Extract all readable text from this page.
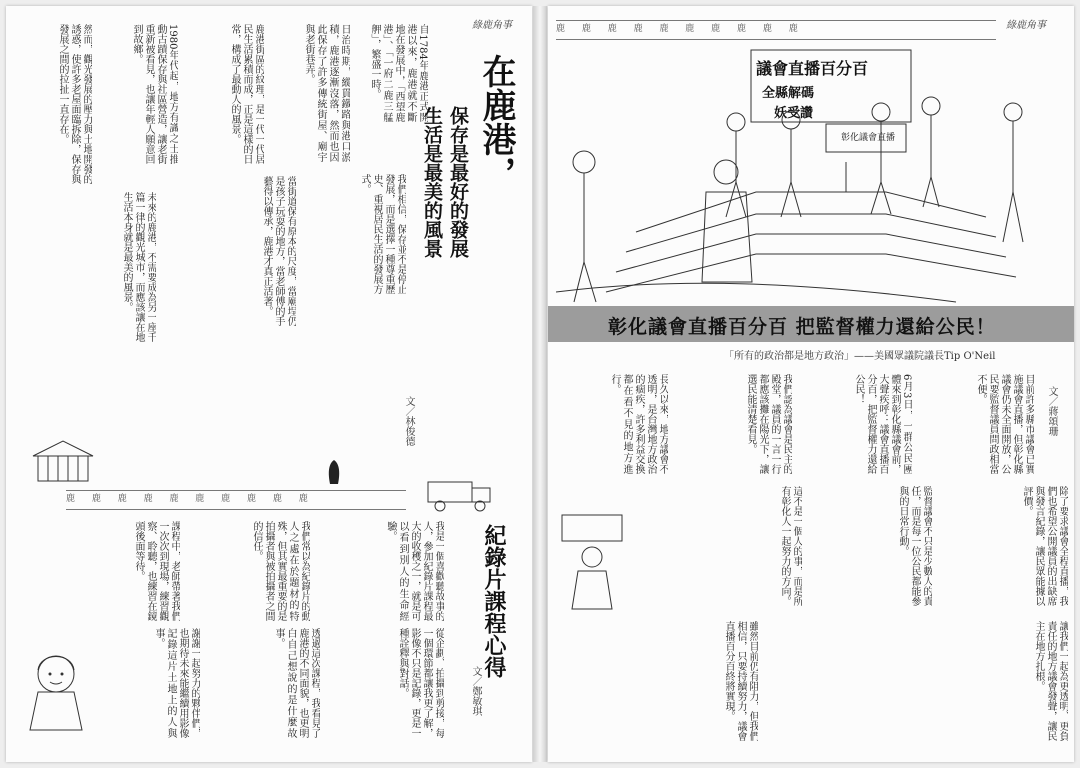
綠鹿角事
在鹿港，
保存是最好的發展
生活是最美的風景
文／林俊德
自1784年鹿港正式開港以來，鹿港就不斷地在發展中，「西望鹿港」、「一府二鹿三艋舺」，繁盛一時。
日治時期，縱貫鐵路與港口淤積，鹿港逐漸沒落，然而也因此保存了許多傳統街屋、廟宇與老街巷弄。
鹿港街區的紋理，是一代一代居民生活累積而成，正是這樣的日常，構成了最動人的風景。
1980年代起，地方有識之士推動古蹟保存與社區營造，讓老街重新被看見，也讓年輕人願意回到故鄉。
然而，觀光發展的壓力與土地開發的誘惑，使許多老屋面臨拆除，保存與發展之間的拉扯一直存在。
我們相信，保存並不是停止發展，而是選擇一種尊重歷史、重視居民生活的發展方式。
當街道保有原本的尺度，當廟埕仍是孩子玩耍的地方，當老師傅的手藝得以傳承，鹿港才真正活著。
未來的鹿港，不需要成為另一座千篇一律的觀光城市，而應該讓在地生活本身就是最美的風景。
鹿 鹿 鹿 鹿 鹿 鹿 鹿 鹿 鹿 鹿
紀錄片課程心得
文／鄭敏琪
我是一個喜歡聽故事的人，參加紀錄片課程最大的收穫之一，就是可以看到別人的生命經驗。
我們常以為紀錄片的動人之處在於題材的特殊，但其實最重要的是拍攝者與被拍攝者之間的信任。
課程中，老師帶著我們一次次到現場，練習觀察、聆聽，也練習在鏡頭後面等待。
從企劃、拍攝到剪接，每一個環節都讓我更了解，影像不只是記錄，更是一種詮釋與對話。
透過這次課程，我看見了鹿港的不同面貌，也更明白自己想說的是什麼故事。
謝謝一起努力的夥伴們，也期待未來能繼續用影像記錄這片土地上的人與事。
綠鹿角事
鹿 鹿 鹿 鹿 鹿 鹿 鹿 鹿 鹿 鹿
議會直播百分百
全縣解碼
妖受讚
彰化議會直播
彰化議會直播百分百 把監督權力還給公民！
「所有的政治都是地方政治」——美國眾議院議長Tip O'Neil
文／蔣頌珊
目前許多縣市議會已實施議會直播，但彰化縣議會仍未全面開放，公民要監督議員問政相當不便。
6月3日，一群公民團體來到彰化縣議會前，大聲疾呼：議會直播百分百，把監督權力還給公民！
我們認為議會是民主的殿堂，議員的一言一行都應該攤在陽光下，讓選民能清楚看見。
長久以來，地方議會不透明，是台灣地方政治的痼疾，許多利益交換都在看不見的地方進行。
除了要求議會全程直播，我們也希望公開議員的出缺席與發言紀錄，讓民眾能據以評價。
監督議會不只是少數人的責任，而是每一位公民都能參與的日常行動。
這不是一個人的事，而是所有彰化人一起努力的方向。
讓我們一起為更透明、更負責任的地方議會發聲，讓民主在地方扎根。
雖然目前仍有阻力，但我們相信，只要持續努力，議會直播百分百終將實現。
